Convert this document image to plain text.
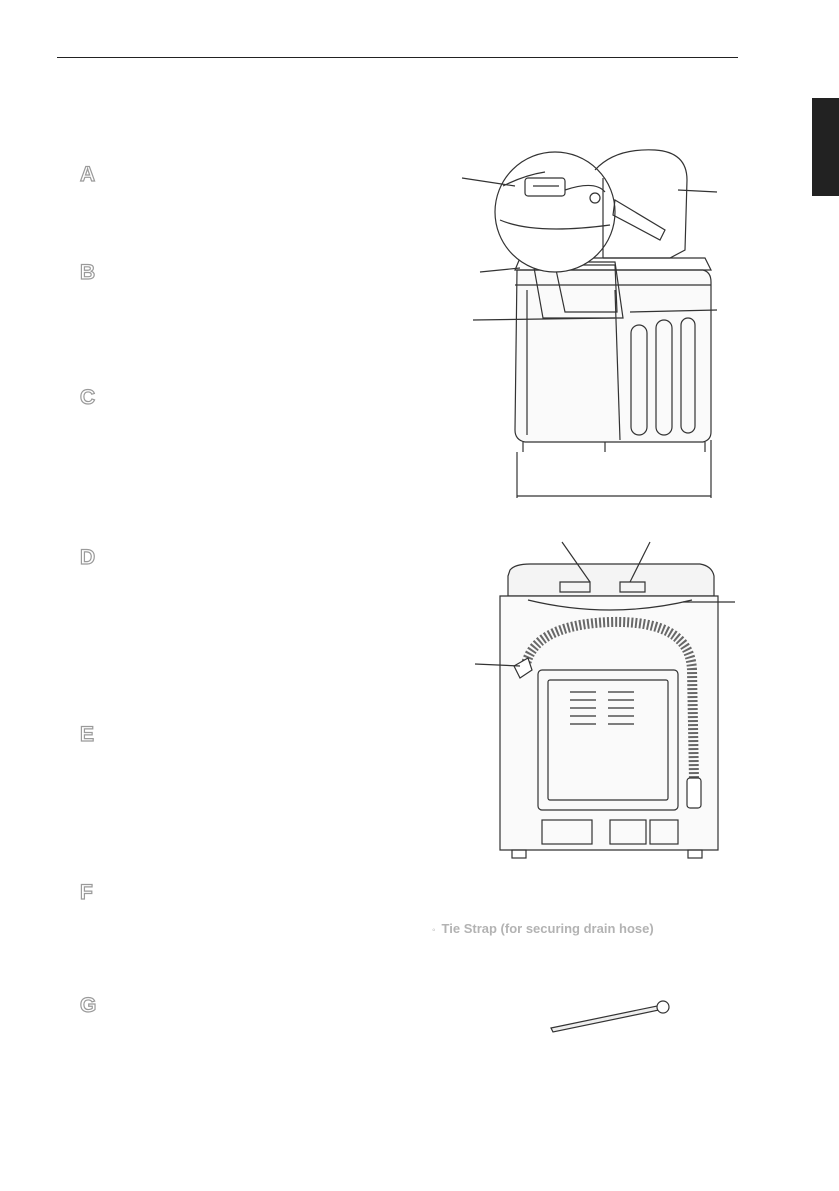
A
B
C
D
E
F
G
◦ Tie Strap (for securing drain hose)
